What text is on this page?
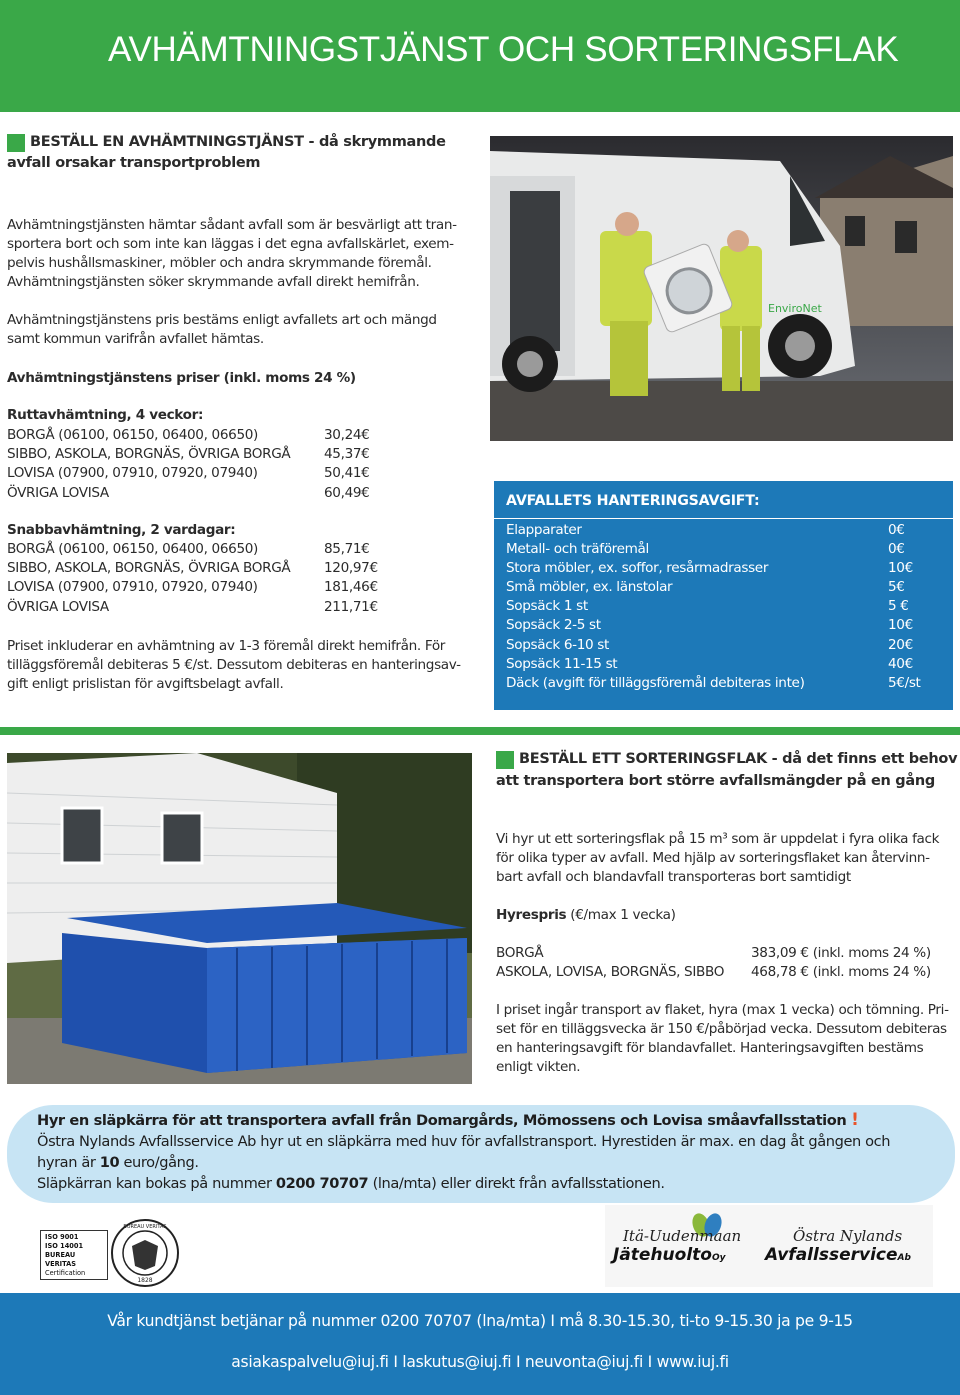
AVHÄMTNINGSTJÄNST OCH SORTERINGSFLAK
BESTÄLL EN AVHÄMTNINGSTJÄNST - då skrymmande
avfall orsakar transportproblem
Avhämtningstjänsten hämtar sådant avfall som är besvärligt att tran-
sportera bort och som inte kan läggas i det egna avfallskärlet, exem-
pelvis hushållsmaskiner, möbler och andra skrymmande föremål.
Avhämtningstjänsten söker skrymmande avfall direkt hemifrån.
Avhämtningstjänstens pris bestäms enligt avfallets art och mängd
samt kommun varifrån avfallet hämtas.
Avhämtningstjänstens priser (inkl. moms 24 %)
Ruttavhämtning, 4 veckor:
BORGÅ (06100, 06150, 06400, 06650)	30,24€
SIBBO, ASKOLA, BORGNÄS, ÖVRIGA BORGÅ	45,37€
LOVISA (07900, 07910, 07920, 07940)	50,41€
ÖVRIGA LOVISA	60,49€
Snabbavhämtning, 2 vardagar:
BORGÅ (06100, 06150, 06400, 06650)	85,71€
SIBBO, ASKOLA, BORGNÄS, ÖVRIGA BORGÅ	120,97€
LOVISA (07900, 07910, 07920, 07940)	181,46€
ÖVRIGA LOVISA	211,71€
Priset inkluderar en avhämtning av 1-3 föremål direkt hemifrån. För
tilläggsföremål debiteras 5 €/st. Dessutom debiteras en hanteringsav-
gift enligt prislistan för avgiftsbelagt avfall.
EnviroNet
AVFALLETS HANTERINGSAVGIFT:
Elapparater	0€
Metall- och träföremål	0€
Stora möbler, ex. soffor, resårmadrasser	10€
Små möbler, ex. länstolar	5€
Sopsäck 1 st	5 €
Sopsäck 2-5 st	10€
Sopsäck 6-10 st	20€
Sopsäck 11-15 st	40€
Däck (avgift för tilläggsföremål debiteras inte)	5€/st
BESTÄLL ETT SORTERINGSFLAK - då det finns ett behov
att transportera bort större avfallsmängder på en gång
Vi hyr ut ett sorteringsflak på 15 m³ som är uppdelat i fyra olika fack
för olika typer av avfall. Med hjälp av sorteringsflaket kan återvinn-
bart avfall och blandavfall transporteras bort samtidigt
Hyrespris (€/max 1 vecka)
BORGÅ	383,09 € (inkl. moms 24 %)
ASKOLA, LOVISA, BORGNÄS, SIBBO	468,78 € (inkl. moms 24 %)
I priset ingår transport av flaket, hyra (max 1 vecka) och tömning. Pri-
set för en tilläggsvecka är 150 €/påbörjad vecka. Dessutom debiteras
en hanteringsavgift för blandavfallet. Hanteringsavgiften bestäms
enligt vikten.
Hyr en släpkärra för att transportera avfall från Domargårds, Mömossens och Lovisa småavfallsstation !
Östra Nylands Avfallsservice Ab hyr ut en släpkärra med huv för avfallstransport. Hyrestiden är max. en dag åt gången och
hyran är 10 euro/gång.
Släpkärran kan bokas på nummer 0200 70707 (lna/mta) eller direkt från avfallsstationen.
ISO 9001
ISO 14001
BUREAU VERITAS
Certification
1828
BUREAU VERITAS	Itä-Uudenmaan
JätehuoltoOy
Östra Nylands
AvfallsserviceAb
Vår kundtjänst betjänar på nummer 0200 70707 (lna/mta) I må 8.30-15.30, ti-to 9-15.30 ja pe 9-15
asiakaspalvelu@iuj.fi I laskutus@iuj.fi I neuvonta@iuj.fi I www.iuj.fi
